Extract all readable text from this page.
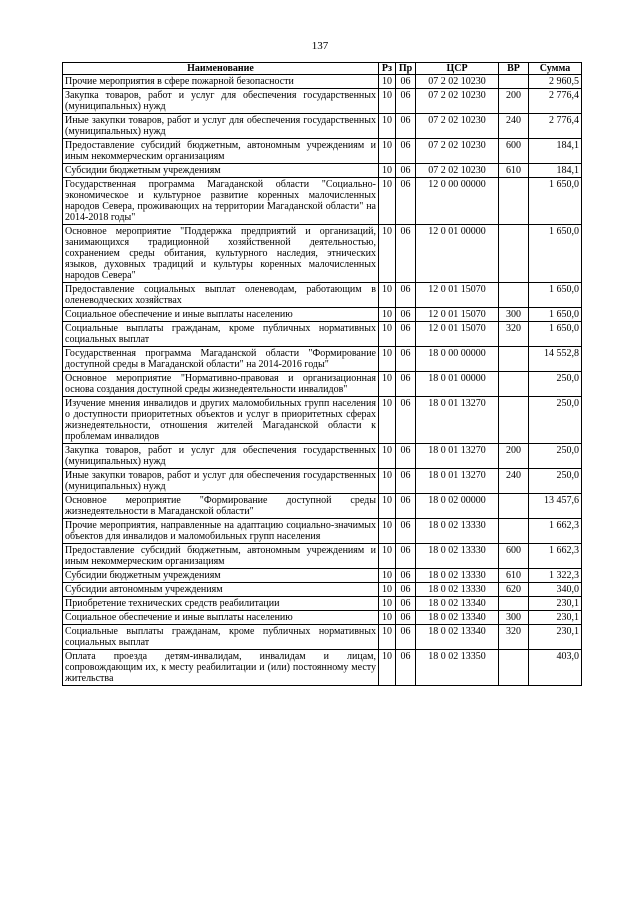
137
Наименование	Рз	Пр	ЦСР	ВР	Сумма
Прочие мероприятия в сфере пожарной безопасности	10	06	07 2 02 10230		2 960,5
Закупка товаров, работ и услуг для обеспечения государственных (муниципальных) нужд	10	06	07 2 02 10230	200	2 776,4
Иные закупки товаров, работ и услуг для обеспечения государственных (муниципальных) нужд	10	06	07 2 02 10230	240	2 776,4
Предоставление субсидий бюджетным, автономным учреждениям и иным некоммерческим организациям	10	06	07 2 02 10230	600	184,1
Субсидии бюджетным учреждениям	10	06	07 2 02 10230	610	184,1
Государственная программа Магаданской области "Социально-экономическое и культурное развитие коренных малочисленных народов Севера, проживающих на территории Магаданской области" на 2014-2018 годы"	10	06	12 0 00 00000		1 650,0
Основное мероприятие "Поддержка предприятий и организаций, занимающихся традиционной хозяйственной деятельностью, сохранением среды обитания, культурного наследия, этнических языков, духовных традиций и культуры коренных малочисленных народов Севера"	10	06	12 0 01 00000		1 650,0
Предоставление социальных выплат оленеводам, работающим в оленеводческих хозяйствах	10	06	12 0 01 15070		1 650,0
Социальное обеспечение и иные выплаты населению	10	06	12 0 01 15070	300	1 650,0
Социальные выплаты гражданам, кроме публичных нормативных социальных выплат	10	06	12 0 01 15070	320	1 650,0
Государственная программа Магаданской области "Формирование доступной среды в Магаданской области" на 2014-2016 годы"	10	06	18 0 00 00000		14 552,8
Основное мероприятие "Нормативно-правовая и организационная основа создания доступной среды жизнедеятельности инвалидов"	10	06	18 0 01 00000		250,0
Изучение мнения инвалидов и других маломобильных групп населения о доступности приоритетных объектов и услуг в приоритетных сферах жизнедеятельности, отношения жителей Магаданской области к проблемам инвалидов	10	06	18 0 01 13270		250,0
Закупка товаров, работ и услуг для обеспечения государственных (муниципальных) нужд	10	06	18 0 01 13270	200	250,0
Иные закупки товаров, работ и услуг для обеспечения государственных (муниципальных) нужд	10	06	18 0 01 13270	240	250,0
Основное мероприятие "Формирование доступной среды жизнедеятельности в Магаданской области"	10	06	18 0 02 00000		13 457,6
Прочие мероприятия, направленные на адаптацию социально-значимых объектов для инвалидов и маломобильных групп населения	10	06	18 0 02 13330		1 662,3
Предоставление субсидий бюджетным, автономным учреждениям и иным некоммерческим организациям	10	06	18 0 02 13330	600	1 662,3
Субсидии бюджетным учреждениям	10	06	18 0 02 13330	610	1 322,3
Субсидии автономным учреждениям	10	06	18 0 02 13330	620	340,0
Приобретение технических средств реабилитации	10	06	18 0 02 13340		230,1
Социальное обеспечение и иные выплаты населению	10	06	18 0 02 13340	300	230,1
Социальные выплаты гражданам, кроме публичных нормативных социальных выплат	10	06	18 0 02 13340	320	230,1
Оплата проезда детям-инвалидам, инвалидам и лицам, сопровождающим их, к месту реабилитации и (или) постоянному месту жительства	10	06	18 0 02 13350		403,0
